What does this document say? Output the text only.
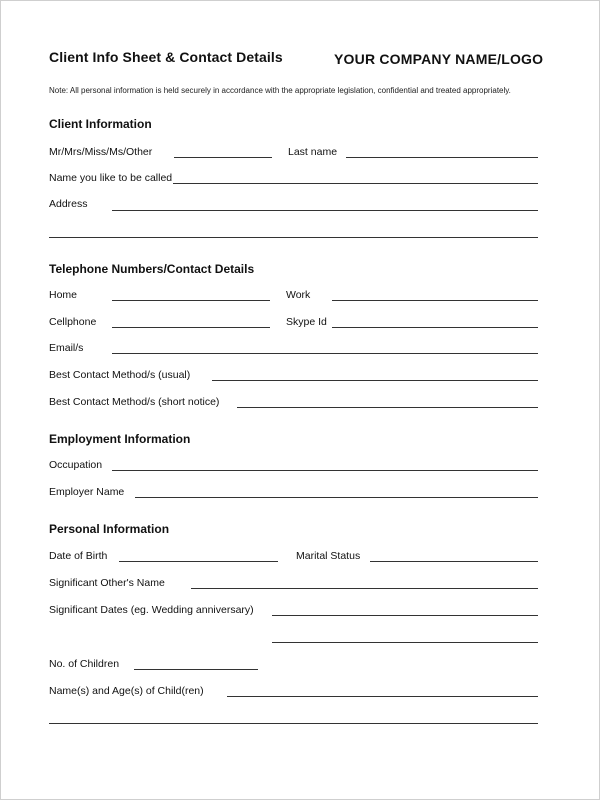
Client Info Sheet & Contact Details	YOUR COMPANY NAME/LOGO
Note: All personal information is held securely in accordance with the appropriate legislation, confidential and treated appropriately.
Client Information
Mr/Mrs/Miss/Ms/Other	Last name
Name you like to be called
Address
Telephone Numbers/Contact Details
Home	Work
Cellphone	Skype Id
Email/s
Best Contact Method/s (usual)
Best Contact Method/s (short notice)
Employment Information
Occupation
Employer Name
Personal Information
Date of Birth	Marital Status
Significant Other's Name
Significant Dates (eg. Wedding anniversary)
No. of Children
Name(s) and Age(s) of Child(ren)
